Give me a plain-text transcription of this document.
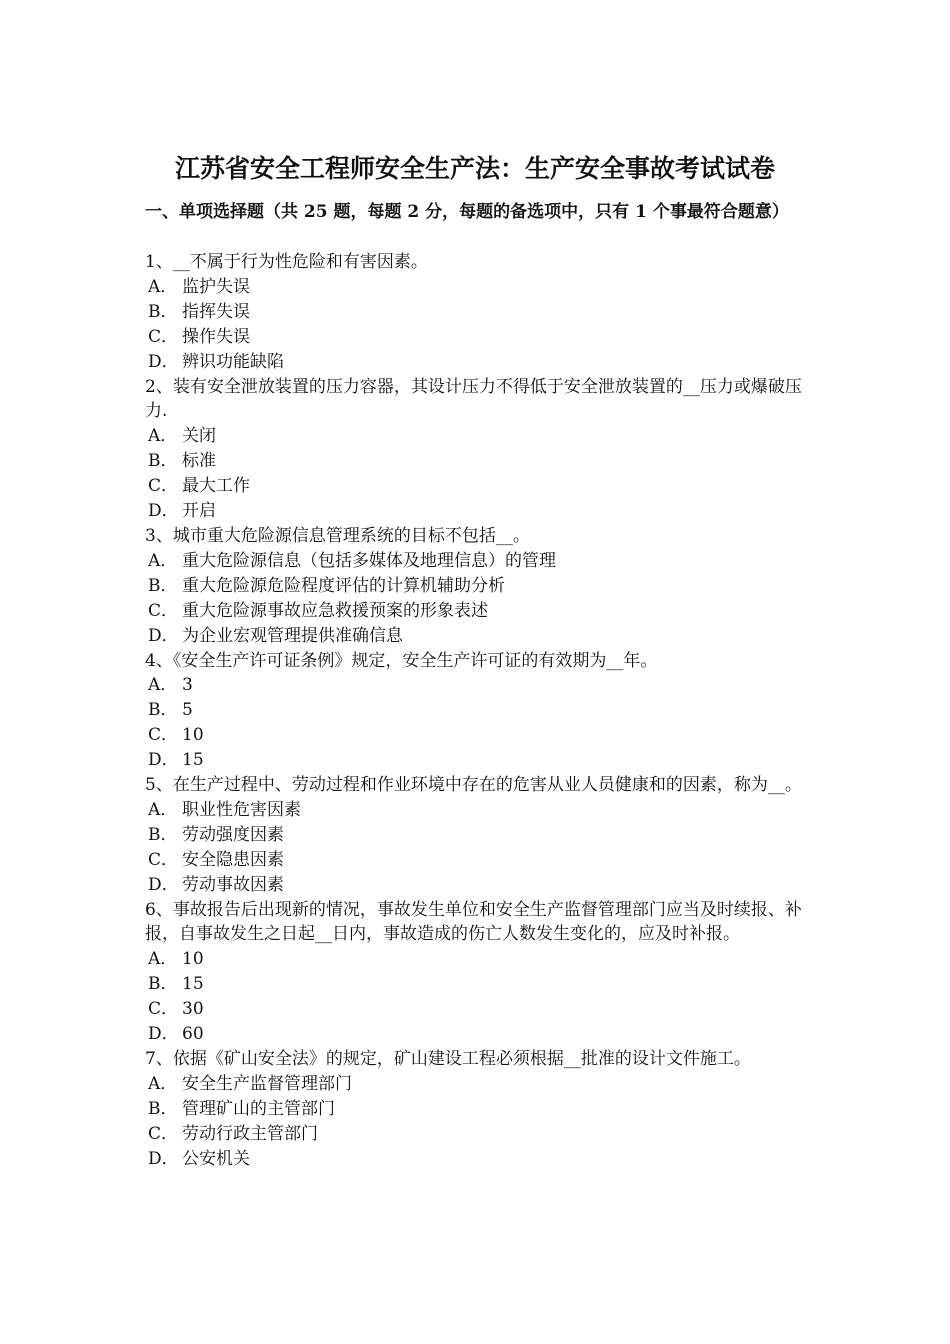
江苏省安全工程师安全生产法：生产安全事故考试试卷
一、单项选择题（共 25 题，每题 2 分，每题的备选项中，只有 1 个事最符合题意）

1、__不属于行为性危险和有害因素。

A． 监护失误

B． 指挥失误

C． 操作失误

D． 辨识功能缺陷

2、装有安全泄放装置的压力容器，其设计压力不得低于安全泄放装置的__压力或爆破压力.

A． 关闭

B． 标准

C． 最大工作

D． 开启

3、城市重大危险源信息管理系统的目标不包括__。

A． 重大危险源信息（包括多媒体及地理信息）的管理

B． 重大危险源危险程度评估的计算机辅助分析

C． 重大危险源事故应急救援预案的形象表述

D． 为企业宏观管理提供准确信息

4、《安全生产许可证条例》规定，安全生产许可证的有效期为__年。

A． 3

B． 5

C． 10

D． 15

5、在生产过程中、劳动过程和作业环境中存在的危害从业人员健康和的因素，称为__。

A． 职业性危害因素

B． 劳动强度因素

C． 安全隐患因素

D． 劳动事故因素

6、事故报告后出现新的情况，事故发生单位和安全生产监督管理部门应当及时续报、补报，自事故发生之日起__日内，事故造成的伤亡人数发生变化的，应及时补报。

A． 10

B． 15

C． 30

D． 60

7、依据《矿山安全法》的规定，矿山建设工程必须根据__批准的设计文件施工。

A． 安全生产监督管理部门

B． 管理矿山的主管部门

C． 劳动行政主管部门

D． 公安机关
